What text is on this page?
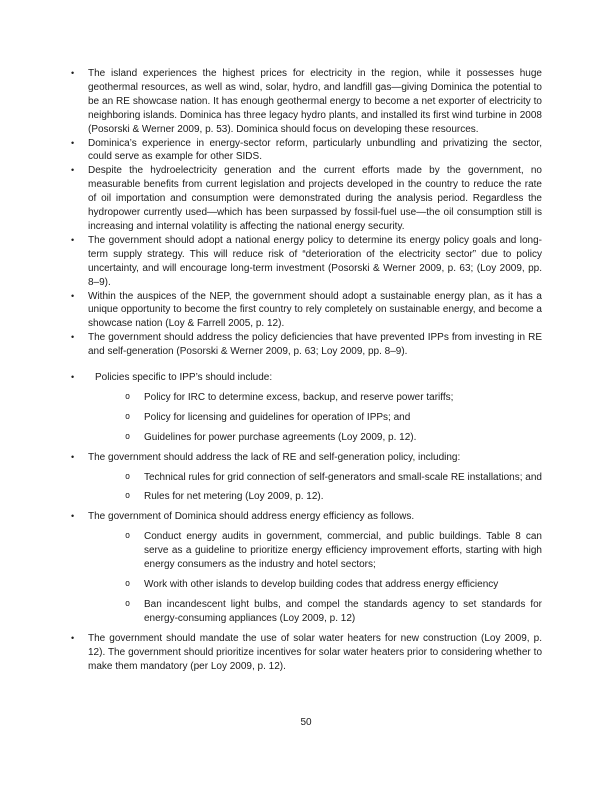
• The island experiences the highest prices for electricity in the region, while it possesses huge geothermal resources, as well as wind, solar, hydro, and landfill gas—giving Dominica the potential to be an RE showcase nation. It has enough geothermal energy to become a net exporter of electricity to neighboring islands. Dominica has three legacy hydro plants, and installed its first wind turbine in 2008 (Posorski & Werner 2009, p. 53). Dominica should focus on developing these resources.
• Dominica’s experience in energy-sector reform, particularly unbundling and privatizing the sector, could serve as example for other SIDS.
• Despite the hydroelectricity generation and the current efforts made by the government, no measurable benefits from current legislation and projects developed in the country to reduce the rate of oil importation and consumption were demonstrated during the analysis period. Regardless the hydropower currently used—which has been surpassed by fossil-fuel use—the oil consumption still is increasing and internal volatility is affecting the national energy security.
• The government should adopt a national energy policy to determine its energy policy goals and long-term supply strategy. This will reduce risk of “deterioration of the electricity sector” due to policy uncertainty, and will encourage long-term investment (Posorski & Werner 2009, p. 63; (Loy 2009, pp. 8–9).
• Within the auspices of the NEP, the government should adopt a sustainable energy plan, as it has a unique opportunity to become the first country to rely completely on sustainable energy, and become a showcase nation (Loy & Farrell 2005, p. 12).
• The government should address the policy deficiencies that have prevented IPPs from investing in RE and self-generation (Posorski & Werner 2009, p. 63; Loy 2009, pp. 8–9).
• Policies specific to IPP’s should include:
o Policy for IRC to determine excess, backup, and reserve power tariffs;
o Policy for licensing and guidelines for operation of IPPs; and
o Guidelines for power purchase agreements (Loy 2009, p. 12).
• The government should address the lack of RE and self-generation policy, including:
o Technical rules for grid connection of self-generators and small-scale RE installations; and
o Rules for net metering (Loy 2009, p. 12).
• The government of Dominica should address energy efficiency as follows.
o Conduct energy audits in government, commercial, and public buildings. Table 8 can serve as a guideline to prioritize energy efficiency improvement efforts, starting with high energy consumers as the industry and hotel sectors;
o Work with other islands to develop building codes that address energy efficiency
o Ban incandescent light bulbs, and compel the standards agency to set standards for energy-consuming appliances (Loy 2009, p. 12)
• The government should mandate the use of solar water heaters for new construction (Loy 2009, p. 12). The government should prioritize incentives for solar water heaters prior to considering whether to make them mandatory (per Loy 2009, p. 12).
50
